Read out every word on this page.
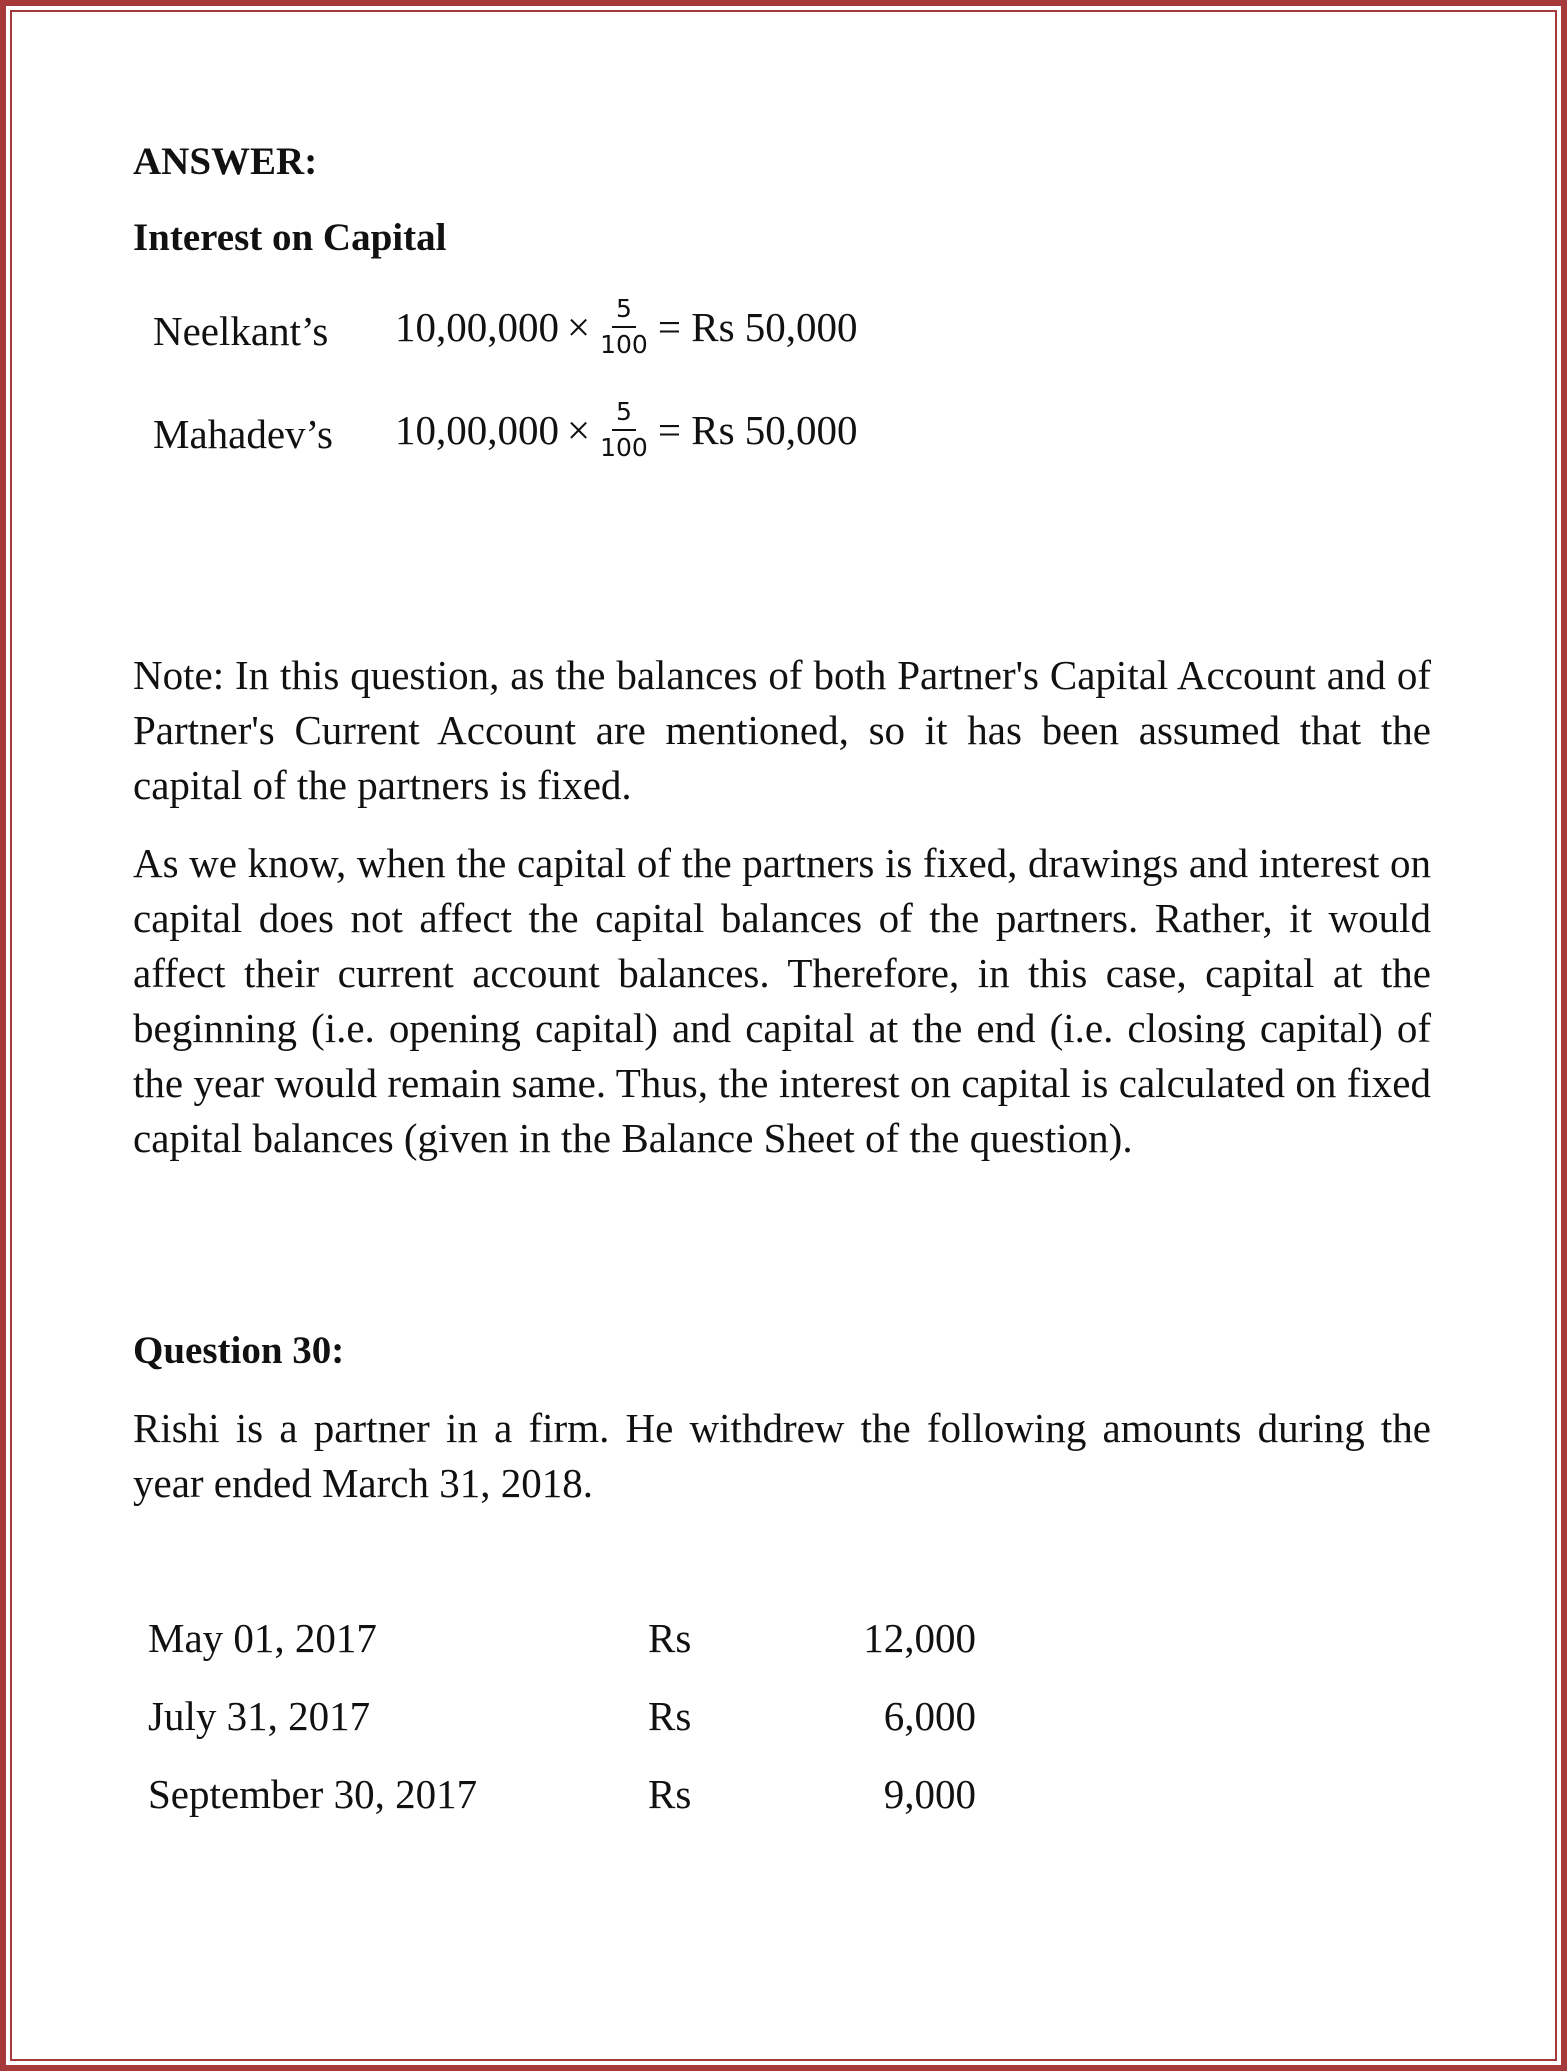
ANSWER:
Interest on Capital
Neelkant’s $10,00,000 \times \frac{5}{100} = Rs$ 50,000
Mahadev’s $10,00,000 \times \frac{5}{100} = Rs$ 50,000

Note: In this question, as the balances of both Partner's Capital Account and of Partner's Current Account are mentioned, so it has been assumed that the capital of the partners is fixed.

As we know, when the capital of the partners is fixed, drawings and interest on capital does not affect the capital balances of the partners. Rather, it would affect their current account balances. Therefore, in this case, capital at the beginning (i.e. opening capital) and capital at the end (i.e. closing capital) of the year would remain same. Thus, the interest on capital is calculated on fixed capital balances (given in the Balance Sheet of the question).

Question 30:

Rishi is a partner in a firm. He withdrew the following amounts during the year ended March 31, 2018.

May 01, 2017	Rs	12,000
July 31, 2017	Rs	6,000
September 30, 2017	Rs	9,000
